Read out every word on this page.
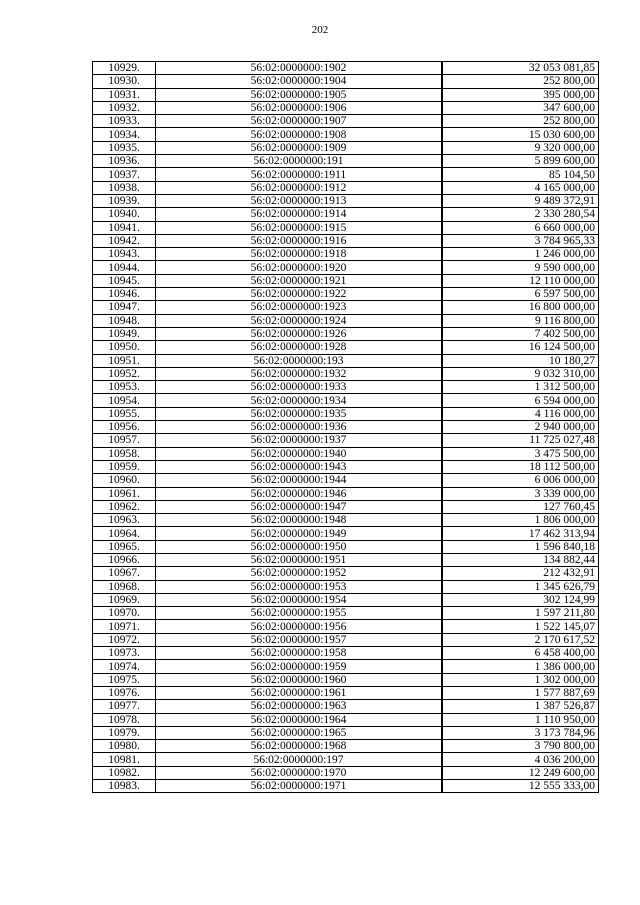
202
10929.	56:02:0000000:1902		32 053 081,85
10930.	56:02:0000000:1904		252 800,00
10931.	56:02:0000000:1905		395 000,00
10932.	56:02:0000000:1906		347 600,00
10933.	56:02:0000000:1907		252 800,00
10934.	56:02:0000000:1908		15 030 600,00
10935.	56:02:0000000:1909		9 320 000,00
10936.	56:02:0000000:191		5 899 600,00
10937.	56:02:0000000:1911		85 104,50
10938.	56:02:0000000:1912		4 165 000,00
10939.	56:02:0000000:1913		9 489 372,91
10940.	56:02:0000000:1914		2 330 280,54
10941.	56:02:0000000:1915		6 660 000,00
10942.	56:02:0000000:1916		3 784 965,33
10943.	56:02:0000000:1918		1 246 000,00
10944.	56:02:0000000:1920		9 590 000,00
10945.	56:02:0000000:1921		12 110 000,00
10946.	56:02:0000000:1922		6 597 500,00
10947.	56:02:0000000:1923		16 800 000,00
10948.	56:02:0000000:1924		9 116 800,00
10949.	56:02:0000000:1926		7 402 500,00
10950.	56:02:0000000:1928		16 124 500,00
10951.	56:02:0000000:193		10 180,27
10952.	56:02:0000000:1932		9 032 310,00
10953.	56:02:0000000:1933		1 312 500,00
10954.	56:02:0000000:1934		6 594 000,00
10955.	56:02:0000000:1935		4 116 000,00
10956.	56:02:0000000:1936		2 940 000,00
10957.	56:02:0000000:1937		11 725 027,48
10958.	56:02:0000000:1940		3 475 500,00
10959.	56:02:0000000:1943		18 112 500,00
10960.	56:02:0000000:1944		6 006 000,00
10961.	56:02:0000000:1946		3 339 000,00
10962.	56:02:0000000:1947		127 760,45
10963.	56:02:0000000:1948		1 806 000,00
10964.	56:02:0000000:1949		17 462 313,94
10965.	56:02:0000000:1950		1 596 840,18
10966.	56:02:0000000:1951		134 882,44
10967.	56:02:0000000:1952		212 432,91
10968.	56:02:0000000:1953		1 345 626,79
10969.	56:02:0000000:1954		302 124,99
10970.	56:02:0000000:1955		1 597 211,80
10971.	56:02:0000000:1956		1 522 145,07
10972.	56:02:0000000:1957		2 170 617,52
10973.	56:02:0000000:1958		6 458 400,00
10974.	56:02:0000000:1959		1 386 000,00
10975.	56:02:0000000:1960		1 302 000,00
10976.	56:02:0000000:1961		1 577 887,69
10977.	56:02:0000000:1963		1 387 526,87
10978.	56:02:0000000:1964		1 110 950,00
10979.	56:02:0000000:1965		3 173 784,96
10980.	56:02:0000000:1968		3 790 800,00
10981.	56:02:0000000:197		4 036 200,00
10982.	56:02:0000000:1970		12 249 600,00
10983.	56:02:0000000:1971		12 555 333,00
